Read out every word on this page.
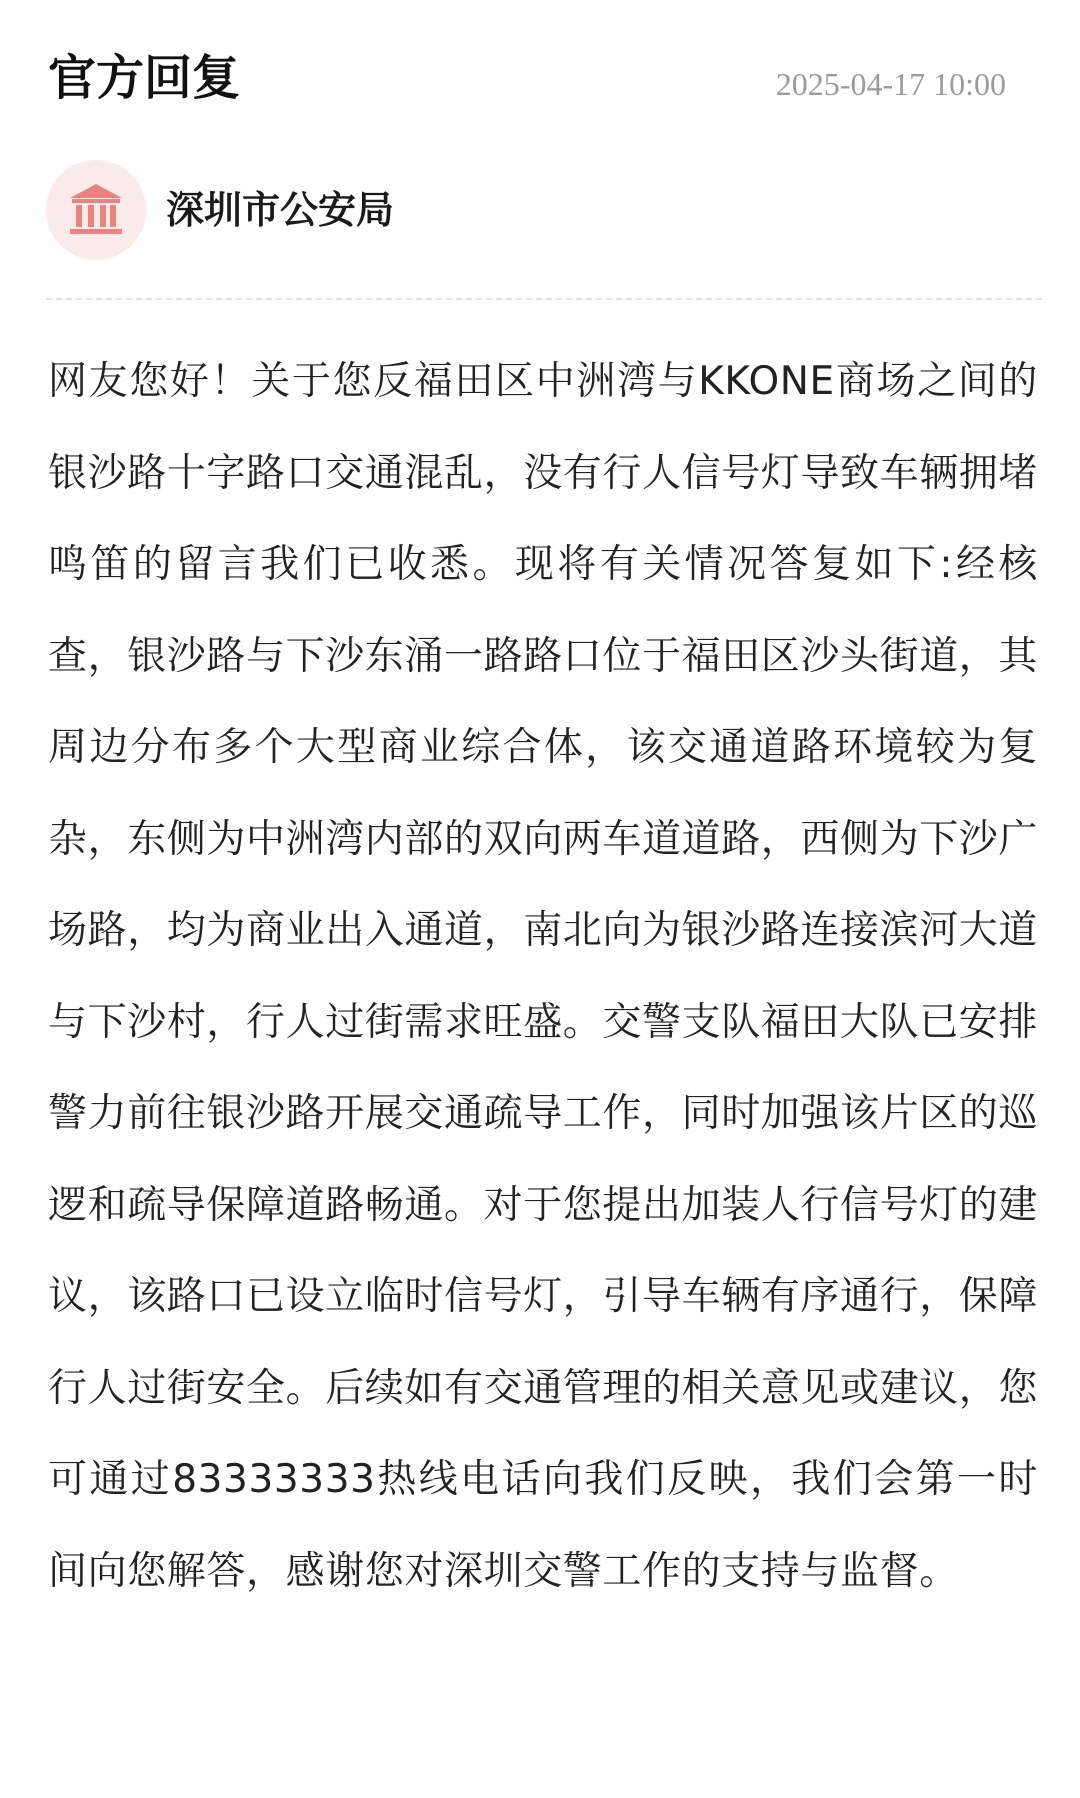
官方回复	2025-04-17 10:00
深圳市公安局
网友您好！关于您反福田区中洲湾与KKONE商场之间的银沙路十字路口交通混乱，没有行人信号灯导致车辆拥堵鸣笛的留言我们已收悉。现将有关情况答复如下:经核查，银沙路与下沙东涌一路路口位于福田区沙头街道，其周边分布多个大型商业综合体，该交通道路环境较为复杂，东侧为中洲湾内部的双向两车道道路，西侧为下沙广场路，均为商业出入通道，南北向为银沙路连接滨河大道与下沙村，行人过街需求旺盛。交警支队福田大队已安排警力前往银沙路开展交通疏导工作，同时加强该片区的巡逻和疏导保障道路畅通。对于您提出加装人行信号灯的建议，该路口已设立临时信号灯，引导车辆有序通行，保障行人过街安全。后续如有交通管理的相关意见或建议，您可通过83333333热线电话向我们反映，我们会第一时间向您解答，感谢您对深圳交警工作的支持与监督。
